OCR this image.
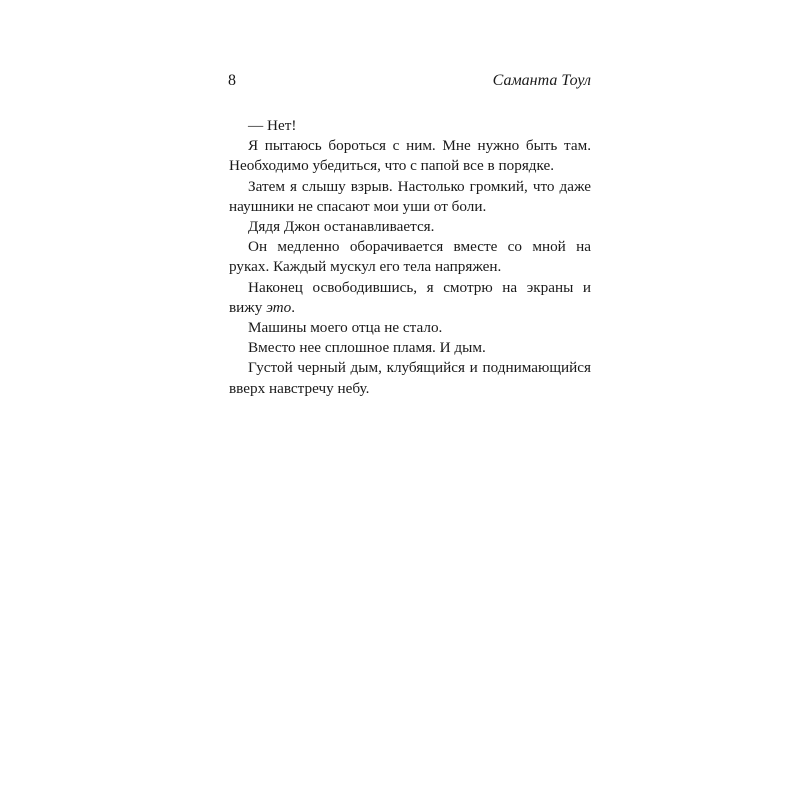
8	Саманта Тоул

— Нет!

Я пытаюсь бороться с ним. Мне нужно быть там. Необходимо убедиться, что с папой все в порядке.

Затем я слышу взрыв. Настолько громкий, что даже наушники не спасают мои уши от боли.

Дядя Джон останавливается.

Он медленно оборачивается вместе со мной на руках. Каждый мускул его тела напряжен.

Наконец освободившись, я смотрю на экраны и вижу это.

Машины моего отца не стало.

Вместо нее сплошное пламя. И дым.

Густой черный дым, клубящийся и поднимающийся вверх навстречу небу.
